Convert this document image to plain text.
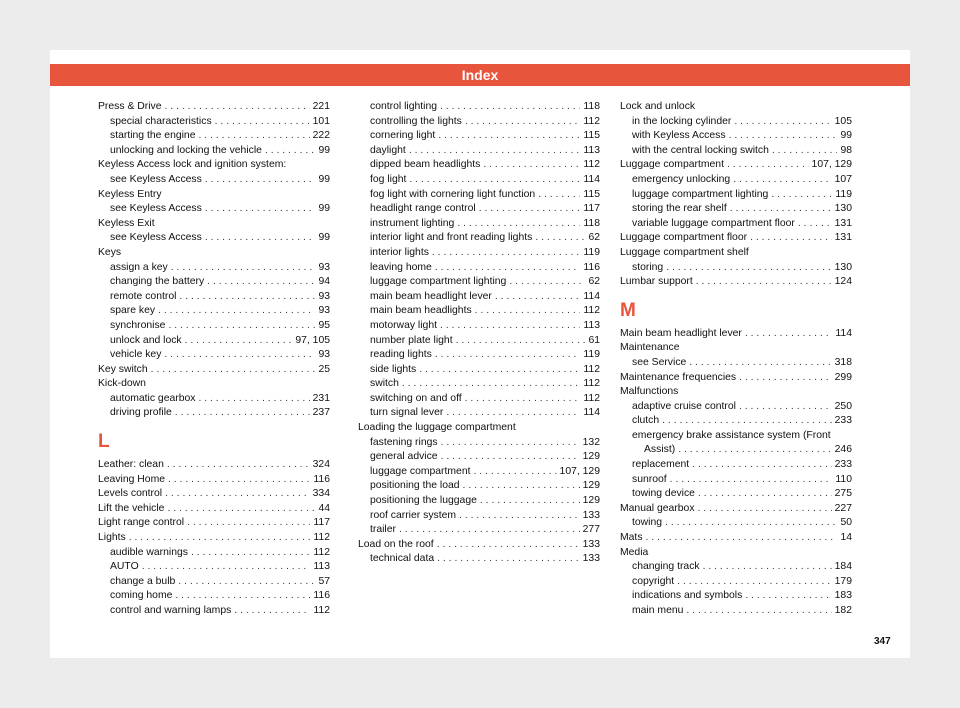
Index
Press & Drive . . .	221
special characteristics . . .	101
starting the engine . . .	222
unlocking and locking the vehicle . . .	99
Keyless Access lock and ignition system:
see Keyless Access . . .	99
Keyless Entry
see Keyless Access . . .	99
Keyless Exit
see Keyless Access . . .	99
Keys
assign a key . . .	93
changing the battery . . .	94
remote control . . .	93
spare key . . .	93
synchronise . . .	95
unlock and lock . . .	97, 105
vehicle key . . .	93
Key switch . . .	25
Kick-down
automatic gearbox . . .	231
driving profile . . .	237
L
Leather: clean . . .	324
Leaving Home . . .	116
Levels control . . .	334
Lift the vehicle . . .	44
Light range control . . .	117
Lights . . .	112
audible warnings . . .	112
AUTO . . .	113
change a bulb . . .	57
coming home . . .	116
control and warning lamps . . .	112
control lighting . . .	118
controlling the lights . . .	112
cornering light . . .	115
daylight . . .	113
dipped beam headlights . . .	112
fog light . . .	114
fog light with cornering light function . . .	115
headlight range control . . .	117
instrument lighting . . .	118
interior light and front reading lights . . .	62
interior lights . . .	119
leaving home . . .	116
luggage compartment lighting . . .	62
main beam headlight lever . . .	114
main beam headlights . . .	112
motorway light . . .	113
number plate light . . .	61
reading lights . . .	119
side lights . . .	112
switch . . .	112
switching on and off . . .	112
turn signal lever . . .	114
Loading the luggage compartment
fastening rings . . .	132
general advice . . .	129
luggage compartment . . .	107, 129
positioning the load . . .	129
positioning the luggage . . .	129
roof carrier system . . .	133
trailer . . .	277
Load on the roof . . .	133
technical data . . .	133
Lock and unlock
in the locking cylinder . . .	105
with Keyless Access . . .	99
with the central locking switch . . .	98
Luggage compartment . . .	107, 129
emergency unlocking . . .	107
luggage compartment lighting . . .	119
storing the rear shelf . . .	130
variable luggage compartment floor . . .	131
Luggage compartment floor . . .	131
Luggage compartment shelf
storing . . .	130
Lumbar support . . .	124
M
Main beam headlight lever . . .	114
Maintenance
see Service . . .	318
Maintenance frequencies . . .	299
Malfunctions
adaptive cruise control . . .	250
clutch . . .	233
emergency brake assistance system (Front
Assist) . . .	246
replacement . . .	233
sunroof . . .	110
towing device . . .	275
Manual gearbox . . .	227
towing . . .	50
Mats . . .	14
Media
changing track . . .	184
copyright . . .	179
indications and symbols . . .	183
main menu . . .	182
347
